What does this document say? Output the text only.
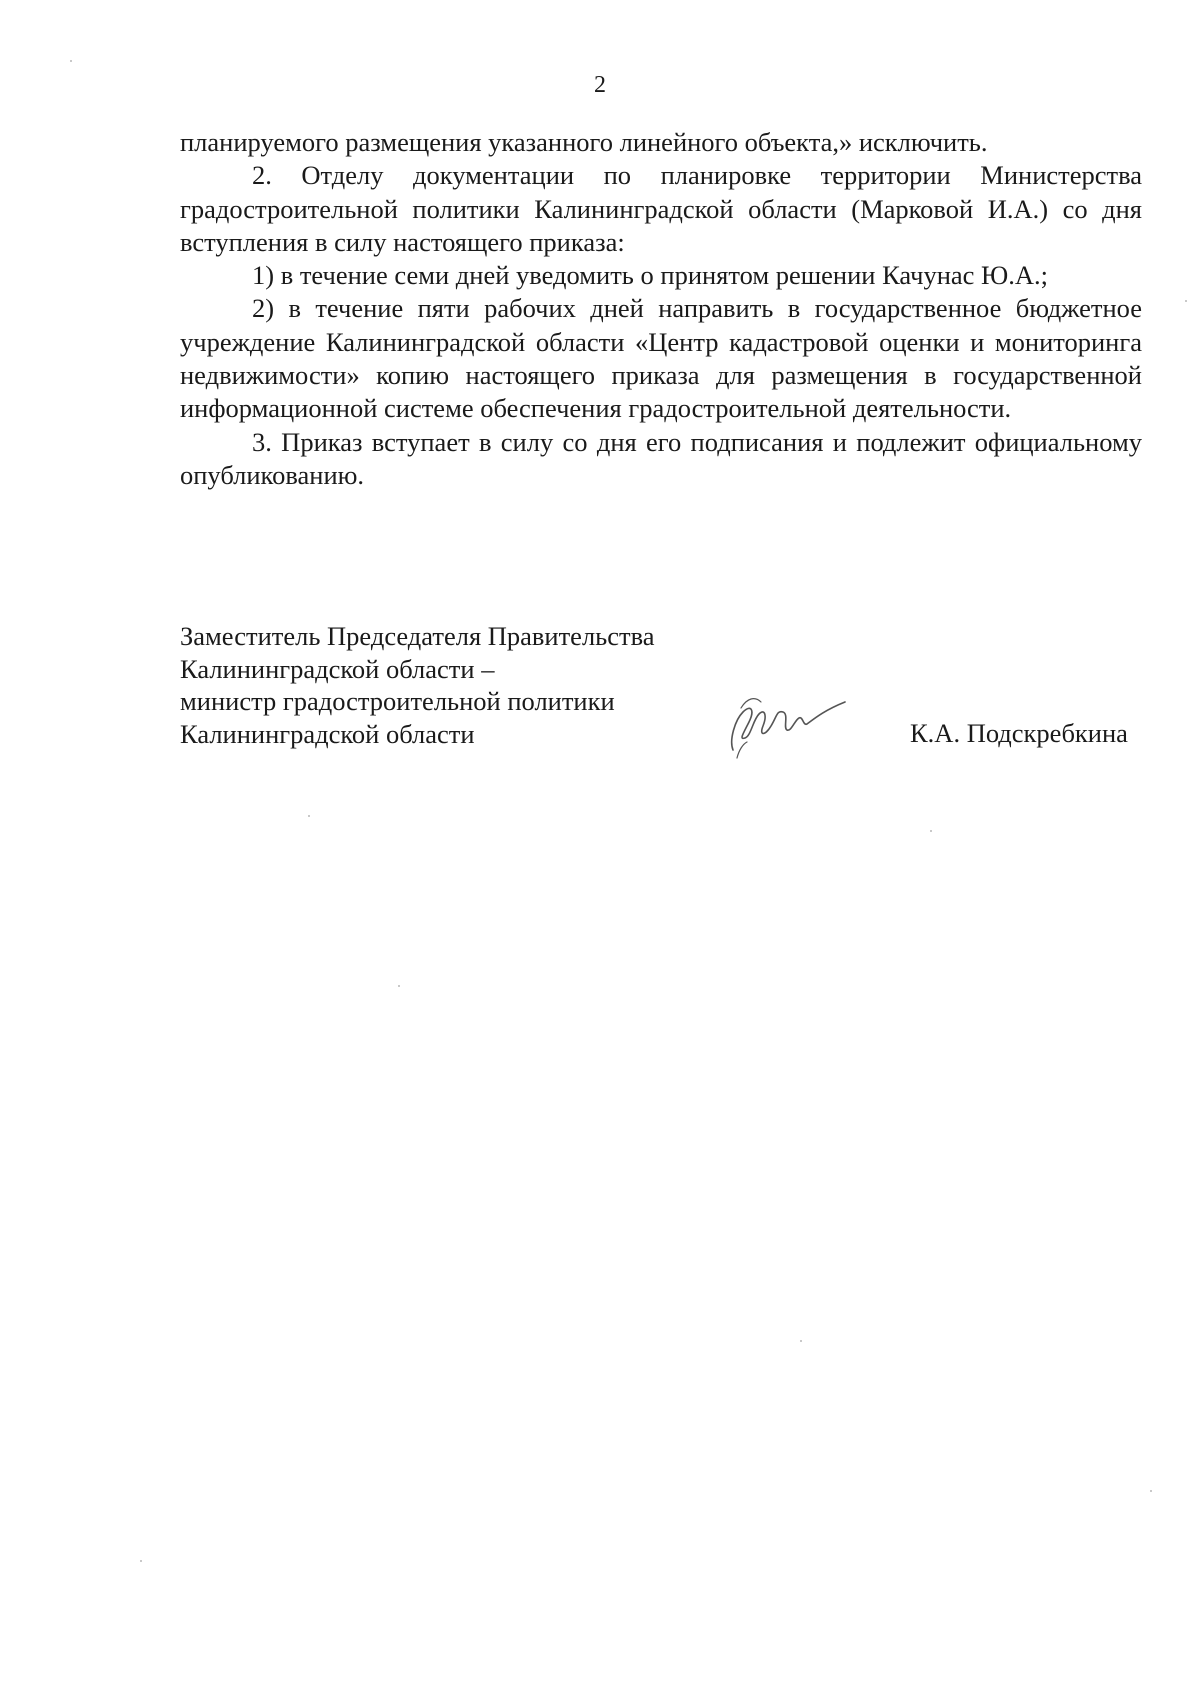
2

планируемого размещения указанного линейного объекта,» исключить.

2. Отделу документации по планировке территории Министерства градостроительной политики Калининградской области (Марковой И.А.) со дня вступления в силу настоящего приказа:

1) в течение семи дней уведомить о принятом решении Качунас Ю.А.;

2) в течение пяти рабочих дней направить в государственное бюджетное учреждение Калининградской области «Центр кадастровой оценки и мониторинга недвижимости» копию настоящего приказа для размещения в государственной информационной системе обеспечения градостроительной деятельности.

3. Приказ вступает в силу со дня его подписания и подлежит официальному опубликованию.

Заместитель Председателя Правительства
Калининградской области –
министр градостроительной политики
Калининградской области	К.А. Подскребкина
